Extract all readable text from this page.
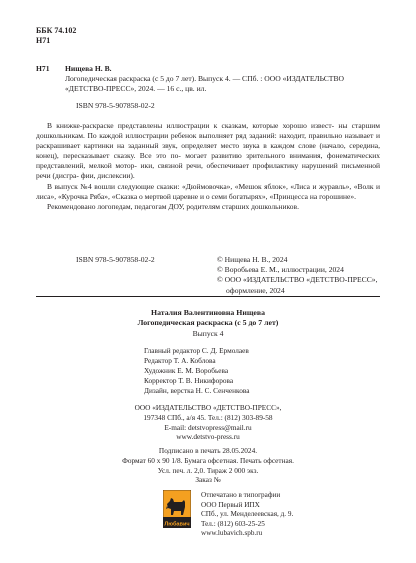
ББК 74.102
Н71
Н71 Нищева Н. В.
Логопедическая раскраска (с 5 до 7 лет). Выпуск 4. — СПб. : ООО «ИЗДАТЕЛЬСТВО
«ДЕТСТВО-ПРЕСС», 2024. — 16 с., цв. ил.
ISBN 978-5-907858-02-2

В книжке-раскраске представлены иллюстрации к сказкам, которые хорошо извест- ны старшим дошкольникам. По каждой иллюстрации ребенок выполняет ряд заданий: находит, правильно называет и раскрашивает картинки на заданный звук, определяет место звука в каждом слове (начало, середина, конец), пересказывает сказку. Все это по- могает развитию зрительного внимания, фонематических представлений, мелкой мотор- ики, связной речи, обеспечивает профилактику нарушений письменной речи (дисгра- фии, дислексии).

В выпуск №4 вошли следующие сказки: «Дюймовочка», «Мешок яблок», «Лиса и журавль», «Волк и лиса», «Курочка Ряба», «Сказка о мертвой царевне и о семи богатырях», «Принцесса на горошине».

Рекомендовано логопедам, педагогам ДОУ, родителям старших дошкольников.

ISBN 978-5-907858-02-2	© Нищева Н. В., 2024
© Воробьева Е. М., иллюстрации, 2024
© ООО «ИЗДАТЕЛЬСТВО «ДЕТСТВО-ПРЕСС»,
оформление, 2024
Наталия Валентиновна Нищева
Логопедическая раскраска (с 5 до 7 лет)
Выпуск 4
Главный редактор С. Д. Ермолаев
Редактор Т. А. Коблова
Художник Е. М. Воробьева
Корректор Т. В. Никифорова
Дизайн, верстка Н. С. Сенченкова
ООО «ИЗДАТЕЛЬСТВО «ДЕТСТВО-ПРЕСС»,
197348 СПб., а/я 45. Тел.: (812) 303-89-58
E-mail: detstvopress@mail.ru
www.detstvo-press.ru
Подписано в печать 28.05.2024.
Формат 60 х 90 1/8. Бумага офсетная. Печать офсетная.
Усл. печ. л. 2,0. Тираж 2 000 экз.
Заказ №
Любавич
Отпечатано в типографии
ООО Первый ИПХ
СПб., ул. Менделеевская, д. 9.
Тел.: (812) 603-25-25
www.lubavich.spb.ru
